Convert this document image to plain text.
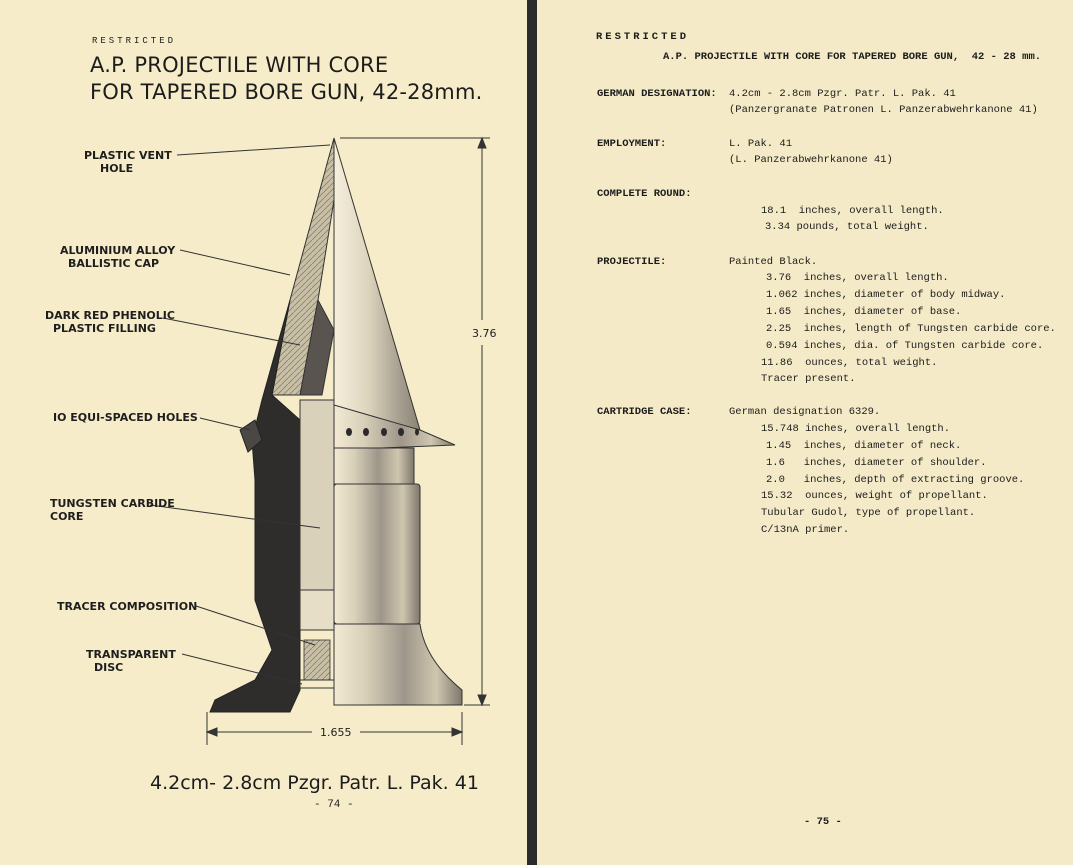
RESTRICTED
A.P. PROJECTILE WITH CORE
FOR TAPERED BORE GUN, 42-28mm.
PLASTIC VENT
HOLE
ALUMINIUM ALLOY
BALLISTIC CAP
DARK RED PHENOLIC
PLASTIC FILLING
IO EQUI-SPACED HOLES
TUNGSTEN CARBIDE
CORE
TRACER COMPOSITION
TRANSPARENT
DISC
3.76
1.655
4.2cm- 2.8cm Pzgr. Patr. L. Pak. 41
- 74 -
RESTRICTED
A.P. PROJECTILE WITH CORE FOR TAPERED BORE GUN,  42 - 28 mm.
GERMAN DESIGNATION: 4.2cm - 2.8cm Pzgr. Patr. L. Pak. 41
(Panzergranate Patronen L. Panzerabwehrkanone 41)
EMPLOYMENT:	L. Pak. 41
(L. Panzerabwehrkanone 41)
COMPLETE ROUND:
18.1  inches, overall length.
3.34 pounds, total weight.
PROJECTILE:	Painted Black.
3.76  inches, overall length.
1.062 inches, diameter of body midway.
1.65  inches, diameter of base.
2.25  inches, length of Tungsten carbide core.
0.594 inches, dia. of Tungsten carbide core.
11.86  ounces, total weight.
Tracer present.
CARTRIDGE CASE:	German designation 6329.
15.748 inches, overall length.
1.45  inches, diameter of neck.
1.6   inches, diameter of shoulder.
2.0   inches, depth of extracting groove.
15.32  ounces, weight of propellant.
Tubular Gudol, type of propellant.
C/13nA primer.
- 75 -
